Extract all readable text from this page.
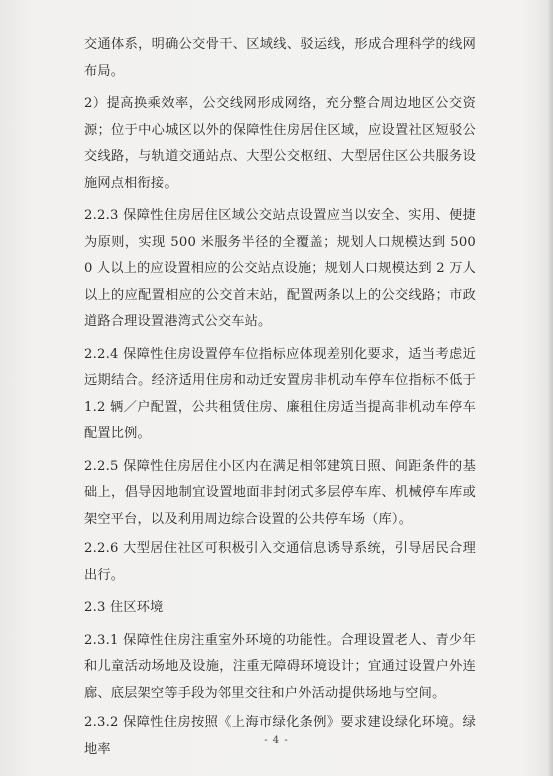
交通体系，明确公交骨干、区域线、驳运线，形成合理科学的线网布局。

2）提高换乘效率，公交线网形成网络，充分整合周边地区公交资源；位于中心城区以外的保障性住房居住区域，应设置社区短驳公交线路，与轨道交通站点、大型公交枢纽、大型居住区公共服务设施网点相衔接。

2.2.3 保障性住房居住区域公交站点设置应当以安全、实用、便捷为原则，实现 500 米服务半径的全覆盖；规划人口规模达到 5000 人以上的应设置相应的公交站点设施；规划人口规模达到 2 万人以上的应配置相应的公交首末站，配置两条以上的公交线路；市政道路合理设置港湾式公交车站。

2.2.4 保障性住房设置停车位指标应体现差别化要求，适当考虑近远期结合。经济适用住房和动迁安置房非机动车停车位指标不低于 1.2 辆／户配置，公共租赁住房、廉租住房适当提高非机动车停车配置比例。

2.2.5 保障性住房居住小区内在满足相邻建筑日照、间距条件的基础上，倡导因地制宜设置地面非封闭式多层停车库、机械停车库或架空平台，以及利用周边综合设置的公共停车场（库）。

2.2.6 大型居住社区可积极引入交通信息诱导系统，引导居民合理出行。

2.3 住区环境

2.3.1 保障性住房注重室外环境的功能性。合理设置老人、青少年和儿童活动场地及设施，注重无障碍环境设计；宜通过设置户外连廊、底层架空等手段为邻里交往和户外活动提供场地与空间。

2.3.2 保障性住房按照《上海市绿化条例》要求建设绿化环境。绿地率

- 4 -
